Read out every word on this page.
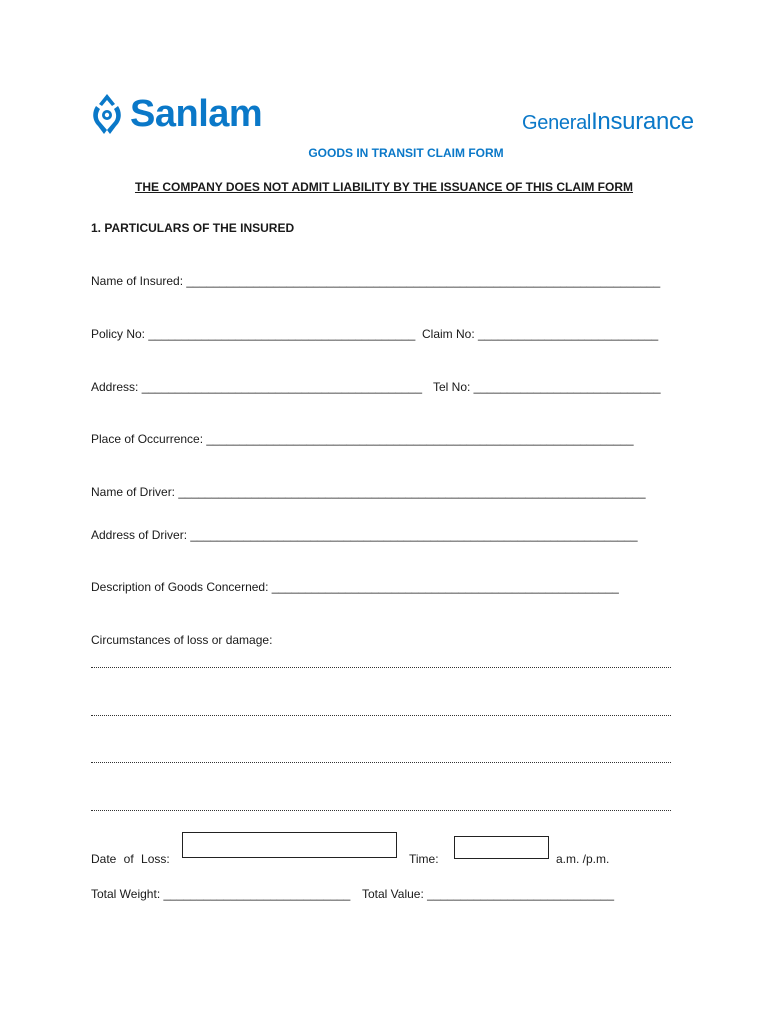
Sanlam	GeneralInsurance
GOODS IN TRANSIT CLAIM FORM
THE COMPANY DOES NOT ADMIT LIABILITY BY THE ISSUANCE OF THIS CLAIM FORM
1. PARTICULARS OF THE INSURED
Name of Insured: _______________________________________________________________________
Policy No: ________________________________________ Claim No: ___________________________
Address: __________________________________________ Tel No: ____________________________
Place of Occurrence: ________________________________________________________________
Name of Driver: ______________________________________________________________________
Address of Driver: ___________________________________________________________________
Description of Goods Concerned: ____________________________________________________
Circumstances of loss or damage:
Date of Loss:	Time:	a.m. /p.m.
Total Weight: ____________________________ Total Value: ____________________________
